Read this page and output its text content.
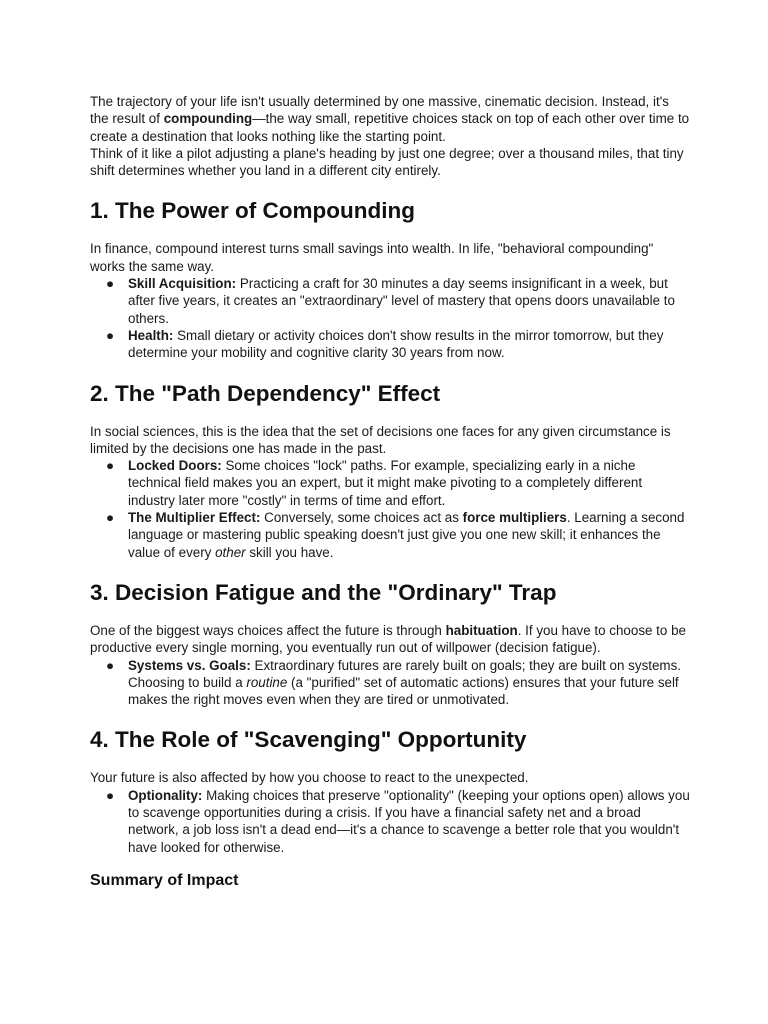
The trajectory of your life isn't usually determined by one massive, cinematic decision. Instead, it's the result of compounding—the way small, repetitive choices stack on top of each other over time to create a destination that looks nothing like the starting point.

Think of it like a pilot adjusting a plane's heading by just one degree; over a thousand miles, that tiny shift determines whether you land in a different city entirely.

1. The Power of Compounding

In finance, compound interest turns small savings into wealth. In life, "behavioral compounding" works the same way.

● Skill Acquisition: Practicing a craft for 30 minutes a day seems insignificant in a week, but after five years, it creates an "extraordinary" level of mastery that opens doors unavailable to others.
● Health: Small dietary or activity choices don't show results in the mirror tomorrow, but they determine your mobility and cognitive clarity 30 years from now.
2. The "Path Dependency" Effect

In social sciences, this is the idea that the set of decisions one faces for any given circumstance is limited by the decisions one has made in the past.

● Locked Doors: Some choices "lock" paths. For example, specializing early in a niche technical field makes you an expert, but it might make pivoting to a completely different industry later more "costly" in terms of time and effort.
● The Multiplier Effect: Conversely, some choices act as force multipliers. Learning a second language or mastering public speaking doesn't just give you one new skill; it enhances the value of every other skill you have.
3. Decision Fatigue and the "Ordinary" Trap

One of the biggest ways choices affect the future is through habituation. If you have to choose to be productive every single morning, you eventually run out of willpower (decision fatigue).

● Systems vs. Goals: Extraordinary futures are rarely built on goals; they are built on systems. Choosing to build a routine (a "purified" set of automatic actions) ensures that your future self makes the right moves even when they are tired or unmotivated.
4. The Role of "Scavenging" Opportunity

Your future is also affected by how you choose to react to the unexpected.

● Optionality: Making choices that preserve "optionality" (keeping your options open) allows you to scavenge opportunities during a crisis. If you have a financial safety net and a broad network, a job loss isn't a dead end—it's a chance to scavenge a better role that you wouldn't have looked for otherwise.
Summary of Impact
